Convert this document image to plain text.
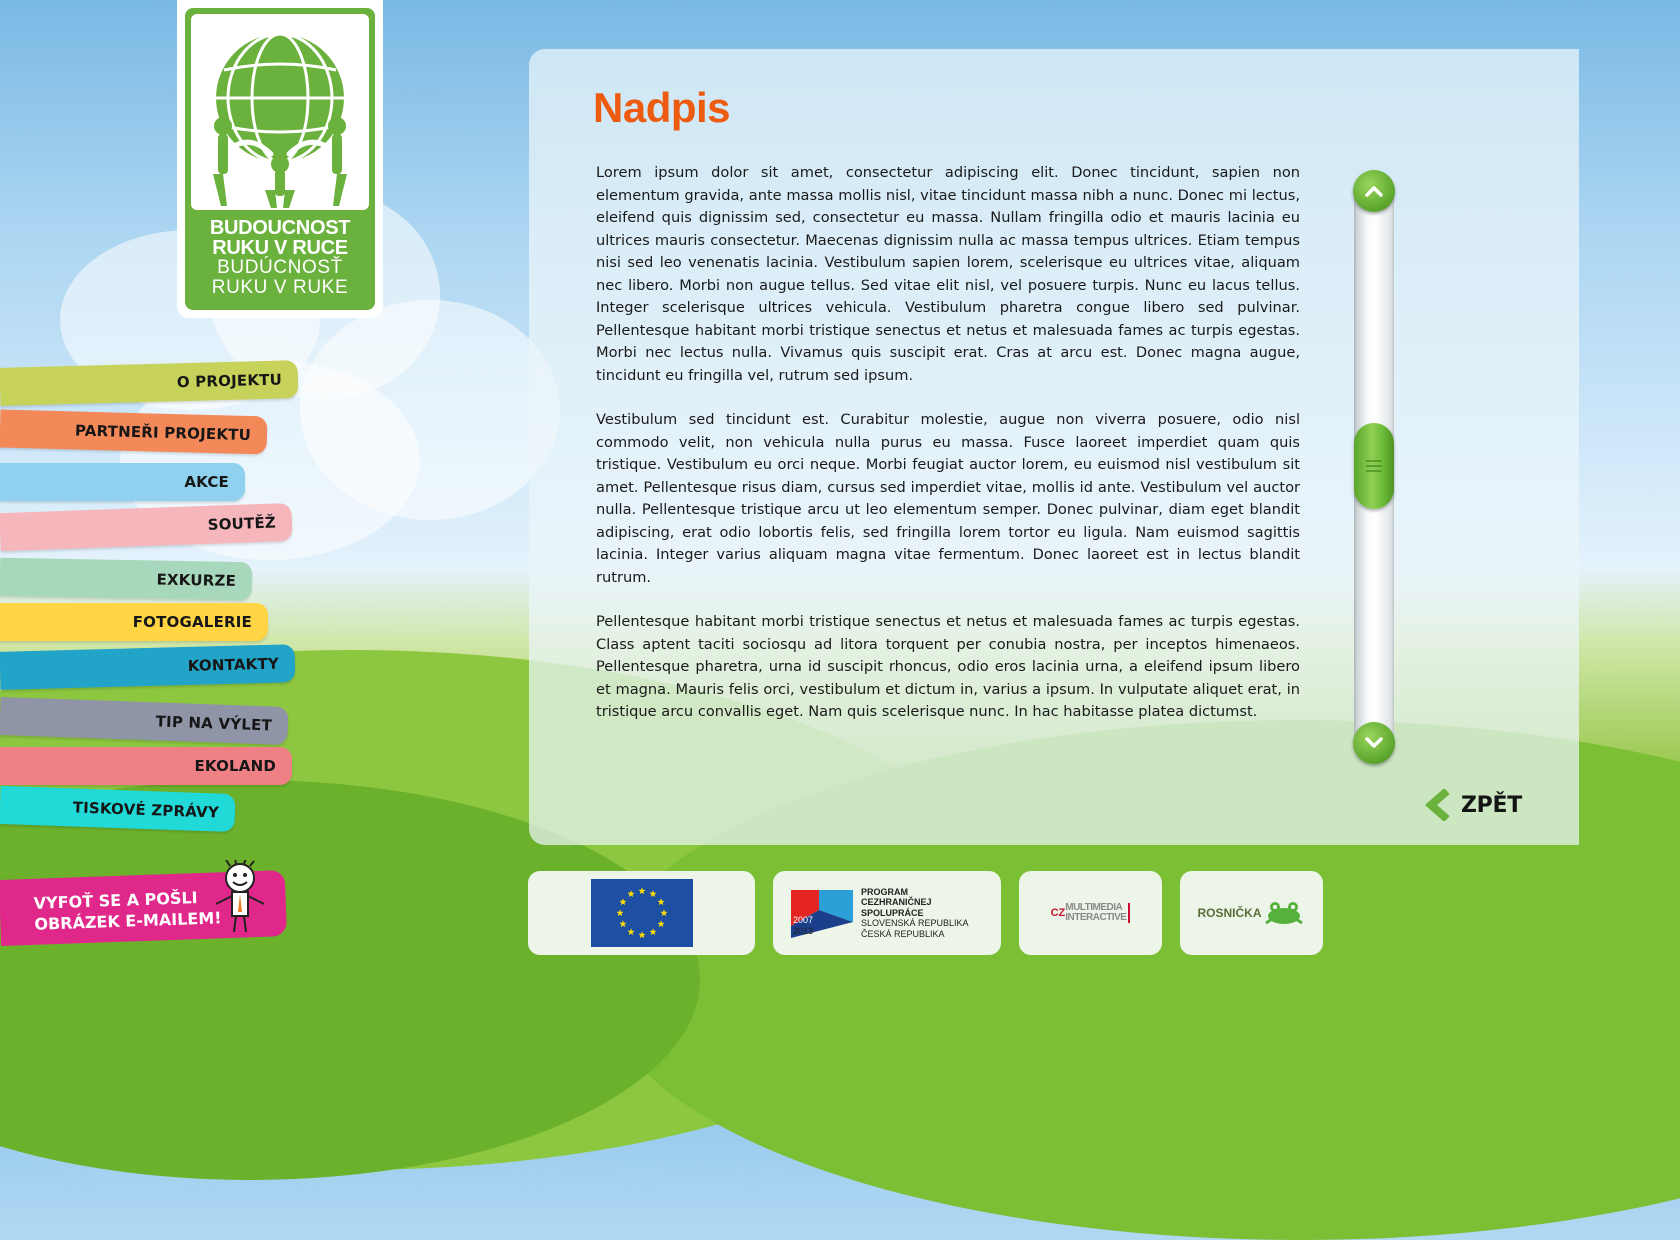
BUDOUCNOST
RUKU V RUCE
BUDÚCNOSŤ
RUKU V RUKE
O PROJEKTU
PARTNEŘI PROJEKTU
AKCE
SOUTĚŽ
EXKURZE
FOTOGALERIE
KONTAKTY
TIP NA VÝLET
EKOLAND
TISKOVÉ ZPRÁVY
VYFOŤ SE A POŠLI
OBRÁZEK E-MAILEM!
Nadpis

Lorem ipsum dolor sit amet, consectetur adipiscing elit. Donec tincidunt, sapien non elementum gravida, ante massa mollis nisl, vitae tincidunt massa nibh a nunc. Donec mi lectus, eleifend quis dignissim sed, consectetur eu massa. Nullam fringilla odio et mauris lacinia eu ultrices mauris consectetur. Maecenas dignissim nulla ac massa tempus ultrices. Etiam tempus nisi sed leo venenatis lacinia. Vestibulum sapien lorem, scelerisque eu ultrices vitae, aliquam nec libero. Morbi non augue tellus. Sed vitae elit nisl, vel posuere turpis. Nunc eu lacus tellus. Integer scelerisque ultrices vehicula. Vestibulum pharetra congue libero sed pulvinar. Pellentesque habitant morbi tristique senectus et netus et malesuada fames ac turpis egestas. Morbi nec lectus nulla. Vivamus quis suscipit erat. Cras at arcu est. Donec magna augue, tincidunt eu fringilla vel, rutrum sed ipsum.

Vestibulum sed tincidunt est. Curabitur molestie, augue non viverra posuere, odio nisl commodo velit, non vehicula nulla purus eu massa. Fusce laoreet imperdiet quam quis tristique. Vestibulum eu orci neque. Morbi feugiat auctor lorem, eu euismod nisl vestibulum sit amet. Pellentesque risus diam, cursus sed imperdiet vitae, mollis id ante. Vestibulum vel auctor nulla. Pellentesque tristique arcu ut leo elementum semper. Donec pulvinar, diam eget blandit adipiscing, erat odio lobortis felis, sed fringilla lorem tortor eu ligula. Nam euismod sagittis lacinia. Integer varius aliquam magna vitae fermentum. Donec laoreet est in lectus blandit rutrum.

Pellentesque habitant morbi tristique senectus et netus et malesuada fames ac turpis egestas. Class aptent taciti sociosqu ad litora torquent per conubia nostra, per inceptos himenaeos. Pellentesque pharetra, urna id suscipit rhoncus, odio eros lacinia urna, a eleifend ipsum libero et magna. Mauris felis orci, vestibulum et dictum in, varius a ipsum. In vulputate aliquet erat, in tristique arcu convallis eget. Nam quis scelerisque nunc. In hac habitasse platea dictumst.

ZPĚT
2007
2013
PROGRAM
CEZHRANIČNEJ
SPOLUPRÁCE
SLOVENSKÁ REPUBLIKA
ČESKÁ REPUBLIKA
CZ MULTIMEDIA
INTERACTIVE	ROSNIČKA
